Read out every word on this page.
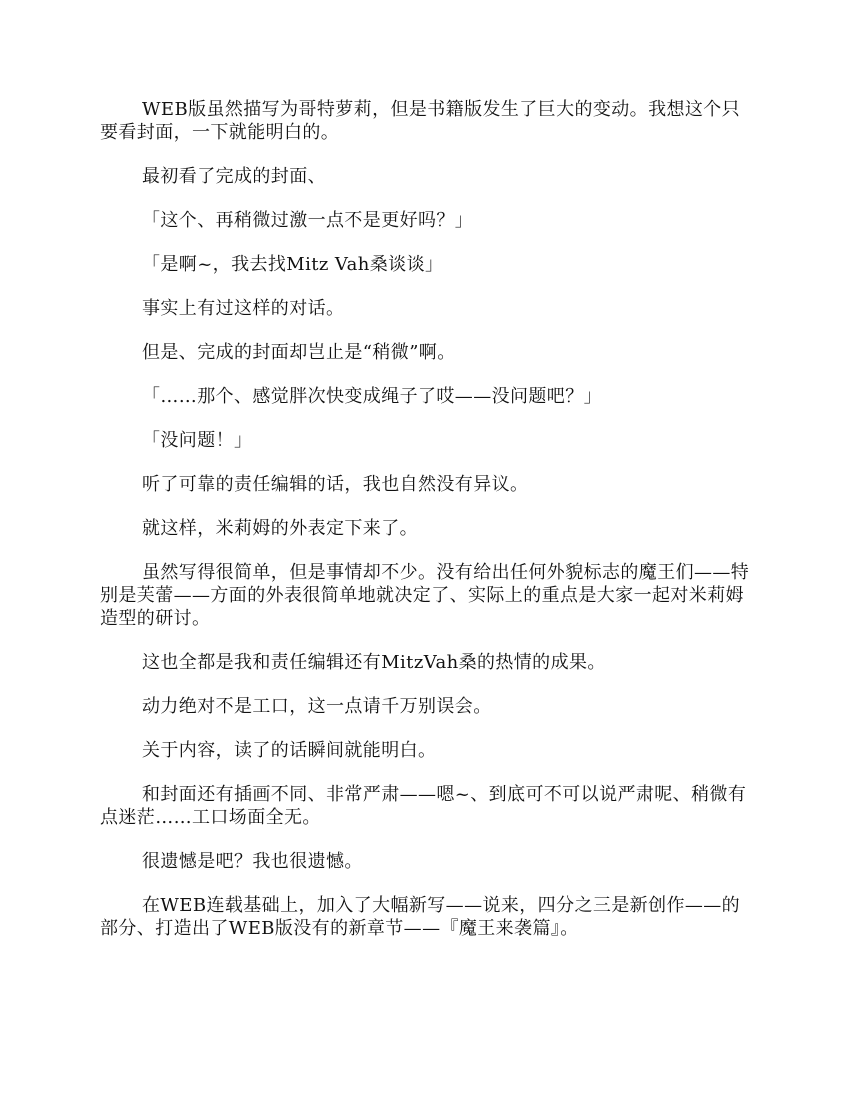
WEB版虽然描写为哥特萝莉，但是书籍版发生了巨大的变动。我想这个只要看封面，一下就能明白的。

最初看了完成的封面、

「这个、再稍微过激一点不是更好吗？」

「是啊~，我去找Mitz Vah桑谈谈」

事实上有过这样的对话。

但是、完成的封面却岂止是“稍微”啊。

「……那个、感觉胖次快变成绳子了哎——没问题吧？」

「没问题！」

听了可靠的责任编辑的话，我也自然没有异议。

就这样，米莉姆的外表定下来了。

虽然写得很简单，但是事情却不少。没有给出任何外貌标志的魔王们——特别是芙蕾——方面的外表很简单地就决定了、实际上的重点是大家一起对米莉姆造型的研讨。

这也全都是我和责任编辑还有MitzVah桑的热情的成果。

动力绝对不是工口，这一点请千万别误会。

关于内容，读了的话瞬间就能明白。

和封面还有插画不同、非常严肃——嗯~、到底可不可以说严肃呢、稍微有点迷茫……工口场面全无。

很遗憾是吧？我也很遗憾。

在WEB连载基础上，加入了大幅新写——说来，四分之三是新创作——的部分、打造出了WEB版没有的新章节——『魔王来袭篇』。
